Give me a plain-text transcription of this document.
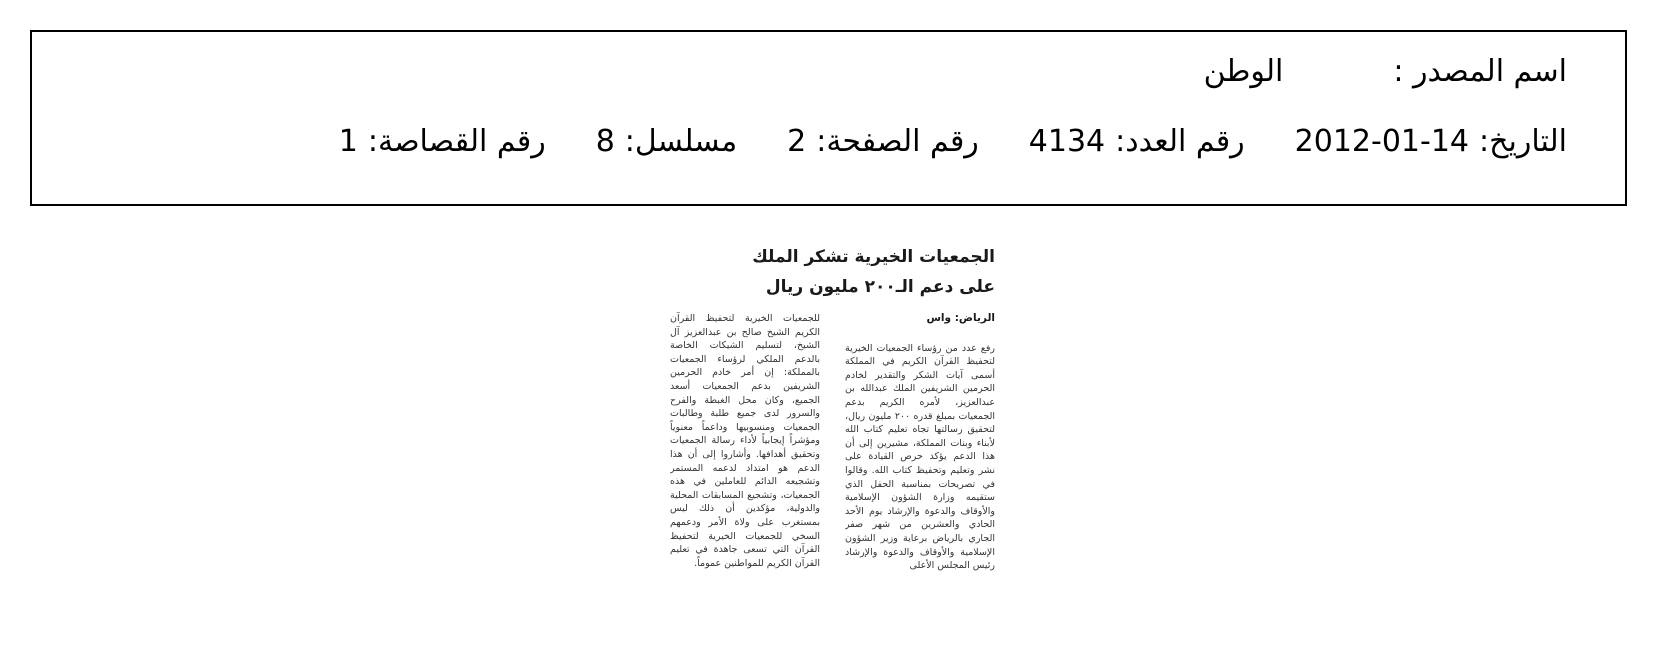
اسم المصدر :
الوطن
التاريخ:
2012-01-14
رقم العدد:
4134
رقم الصفحة:
2
مسلسل:
8
رقم القصاصة:
1
الجمعيات الخيرية تشكر الملك
على دعم الـ٢٠٠ مليون ريال

الرياض: واس

رفع عدد من رؤساء الجمعيات الخيرية لتحفيظ القرآن الكريم في المملكة أسمى آيات الشكر والتقدير لخادم الحرمين الشريفين الملك عبدالله بن عبدالعزيز، لأمره الكريم بدعم الجمعيات بمبلغ قدره ٢٠٠ مليون ريال، لتحقيق رسالتها تجاه تعليم كتاب الله لأبناء وبنات المملكة، مشيرين إلى أن هذا الدعم يؤكد حرص القيادة على نشر وتعليم وتحفيظ كتاب الله. وقالوا في تصريحات بمناسبة الحفل الذي ستقيمه وزارة الشؤون الإسلامية والأوقاف والدعوة والإرشاد يوم الأحد الحادي والعشرين من شهر صفر الجاري بالرياض برعاية وزير الشؤون الإسلامية والأوقاف والدعوة والإرشاد رئيس المجلس الأعلى

للجمعيات الخيرية لتحفيظ القرآن الكريم الشيخ صالح بن عبدالعزيز آل الشيخ، لتسليم الشيكات الخاصة بالدعم الملكي لرؤساء الجمعيات بالمملكة: إن أمر خادم الحرمين الشريفين بدعم الجمعيات أسعد الجميع، وكان محل الغبطة والفرح والسرور لدى جميع طلبة وطالبات الجمعيات ومنسوبيها وداعماً معنوياً ومؤشراً إيجابياً لأداء رسالة الجمعيات وتحقيق أهدافها. وأشاروا إلى أن هذا الدعم هو امتداد لدعمه المستمر وتشجيعه الدائم للعاملين في هذه الجمعيات، وتشجيع المسابقات المحلية والدولية، مؤكدين أن ذلك ليس بمستغرب على ولاة الأمر ودعمهم السخي للجمعيات الخيرية لتحفيظ القرآن التي تسعى جاهدة في تعليم القرآن الكريم للمواطنين عموماً.
